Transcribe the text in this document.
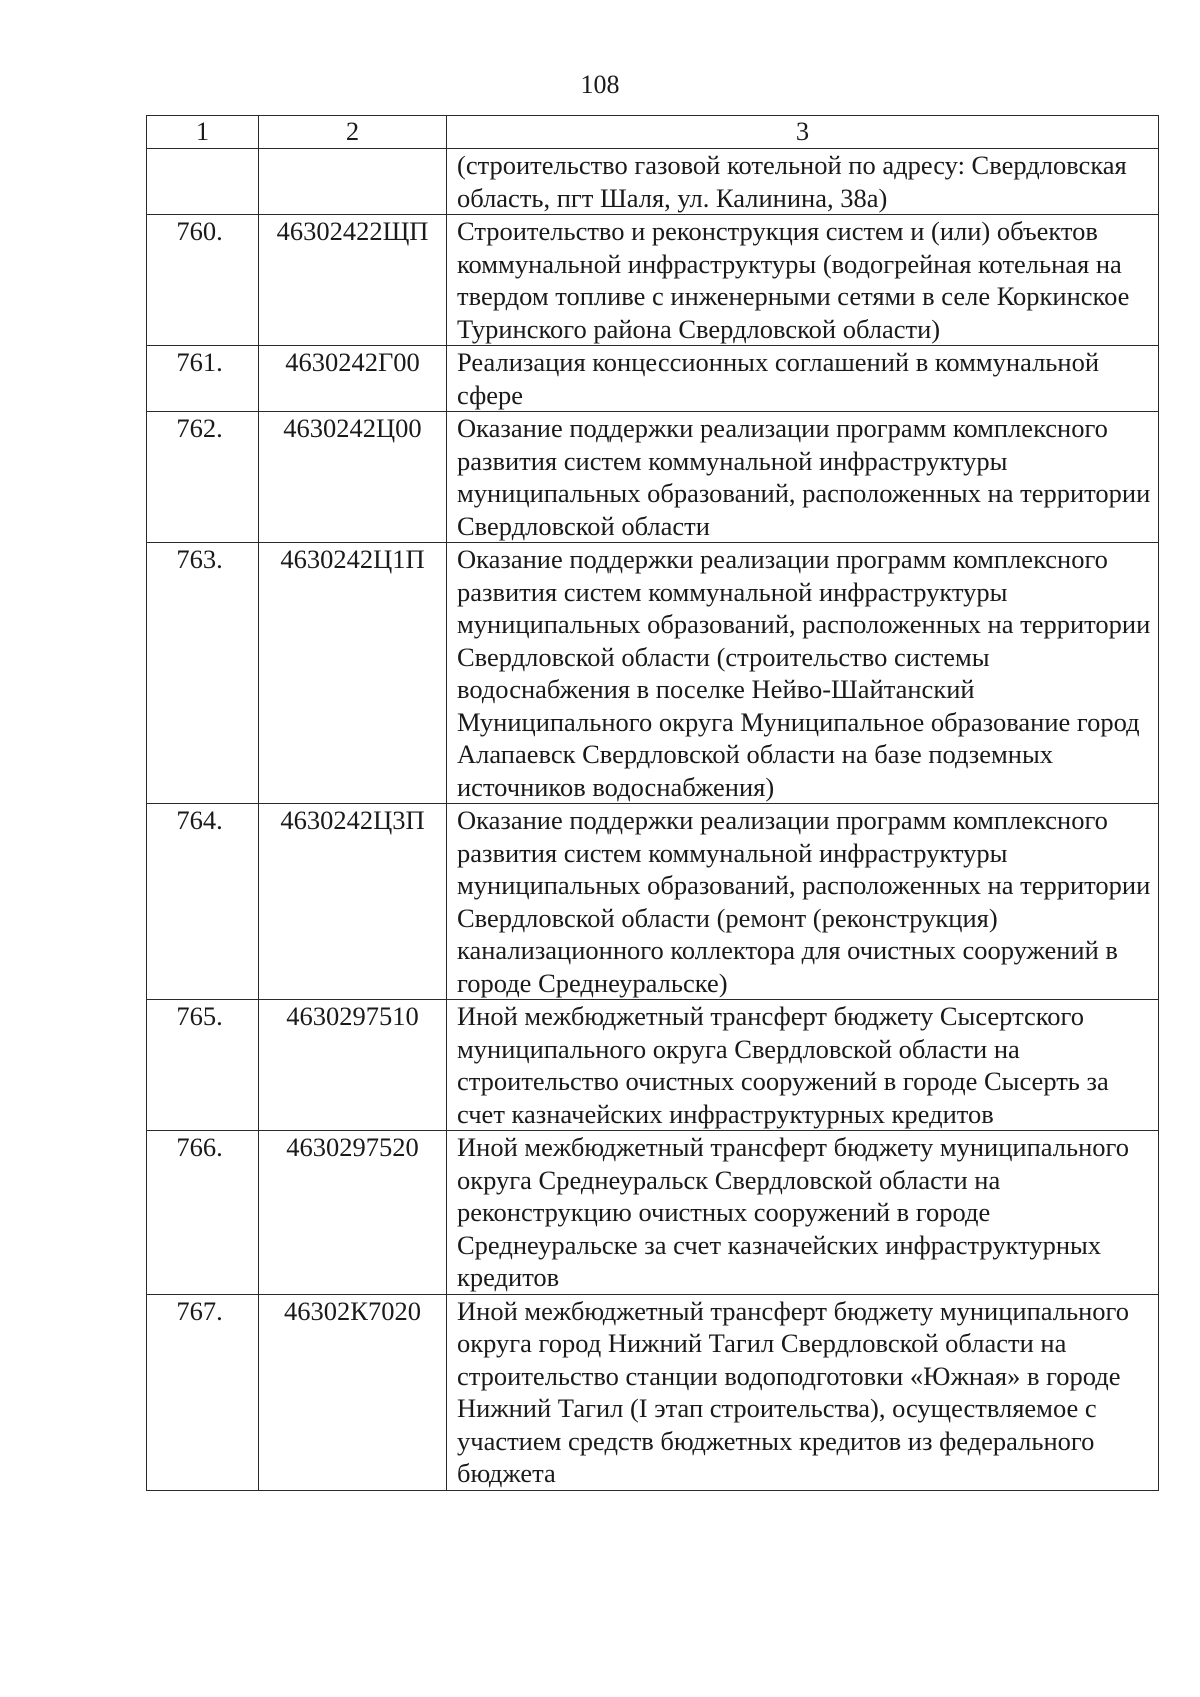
108
1	2	3
		(строительство газовой котельной по адресу: Свердловская область, пгт Шаля, ул. Калинина, 38а)
760.	46302422ЩП	Строительство и реконструкция систем и (или) объектов коммунальной инфраструктуры (водогрейная котельная на твердом топливе с инженерными сетями в селе Коркинское Туринского района Свердловской области)
761.	4630242Г00	Реализация концессионных соглашений в коммунальной сфере
762.	4630242Ц00	Оказание поддержки реализации программ комплексного развития систем коммунальной инфраструктуры муниципальных образований, расположенных на территории Свердловской области
763.	4630242Ц1П	Оказание поддержки реализации программ комплексного развития систем коммунальной инфраструктуры муниципальных образований, расположенных на территории Свердловской области (строительство системы водоснабжения в поселке Нейво-Шайтанский Муниципального округа Муниципальное образование город Алапаевск Свердловской области на базе подземных источников водоснабжения)
764.	4630242Ц3П	Оказание поддержки реализации программ комплексного развития систем коммунальной инфраструктуры муниципальных образований, расположенных на территории Свердловской области (ремонт (реконструкция) канализационного коллектора для очистных сооружений в городе Среднеуральске)
765.	4630297510	Иной межбюджетный трансферт бюджету Сысертского муниципального округа Свердловской области на строительство очистных сооружений в городе Сысерть за счет казначейских инфраструктурных кредитов
766.	4630297520	Иной межбюджетный трансферт бюджету муниципального округа Среднеуральск Свердловской области на реконструкцию очистных сооружений в городе Среднеуральске за счет казначейских инфраструктурных кредитов
767.	46302К7020	Иной межбюджетный трансферт бюджету муниципального округа город Нижний Тагил Свердловской области на строительство станции водоподготовки «Южная» в городе Нижний Тагил (I этап строительства), осуществляемое с участием средств бюджетных кредитов из федерального бюджета
